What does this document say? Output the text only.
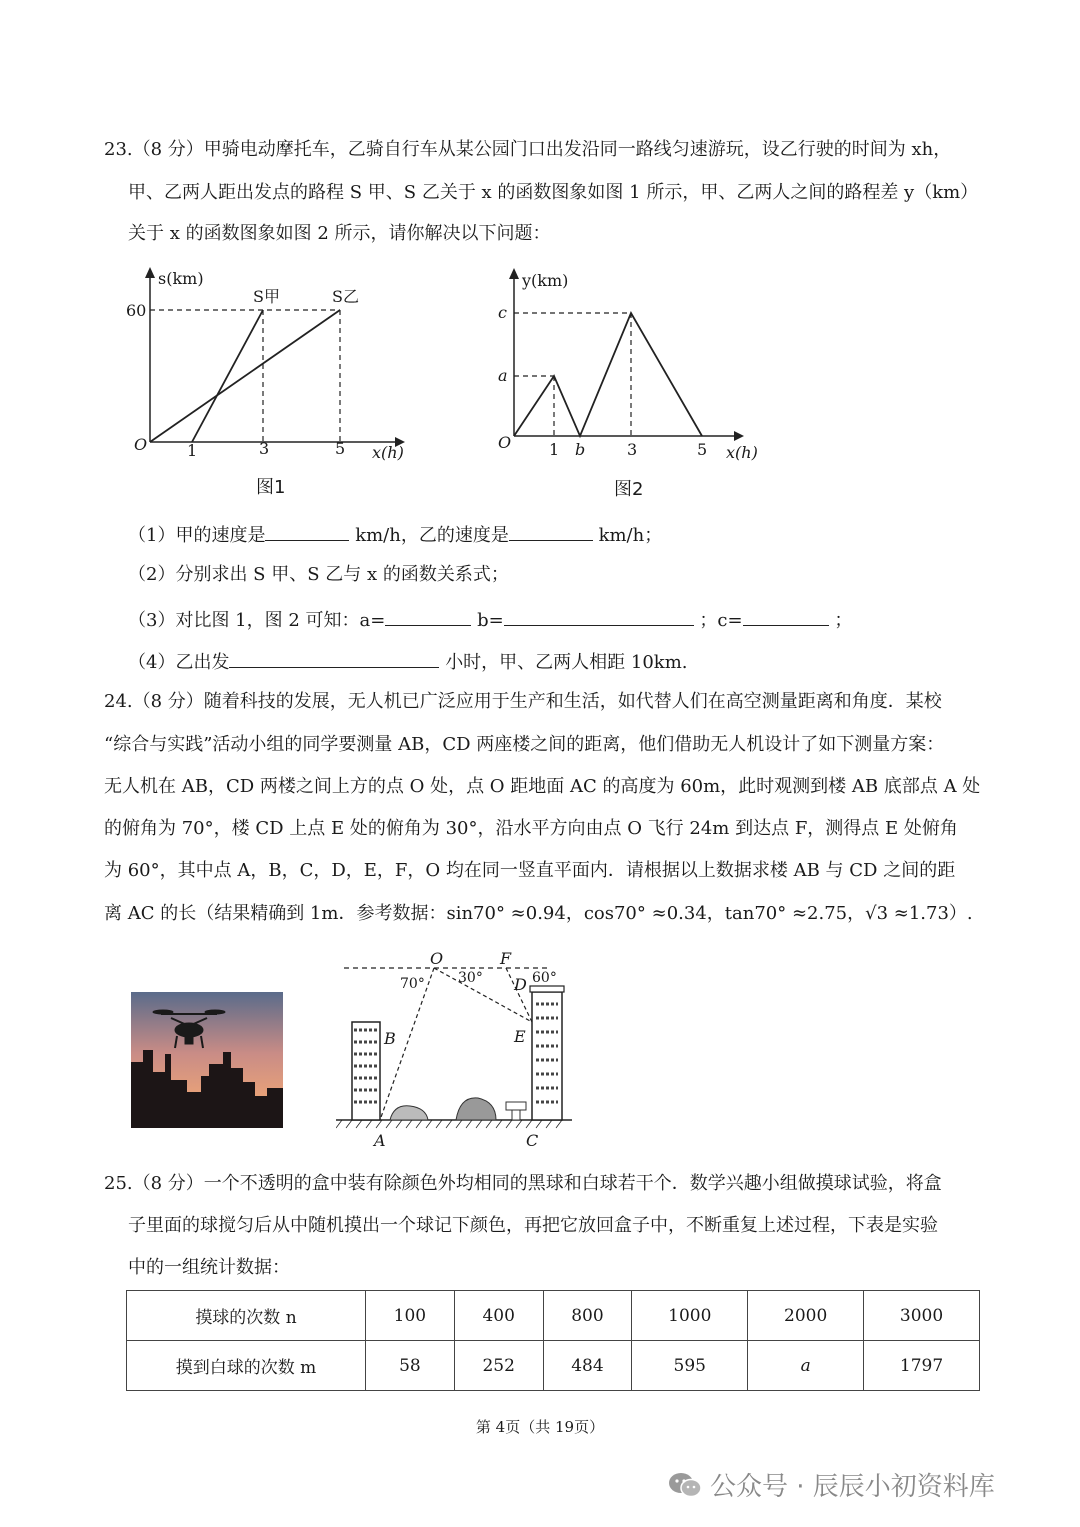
23.（8 分）甲骑电动摩托车，乙骑自行车从某公园门口出发沿同一路线匀速游玩，设乙行驶的时间为 xh，
甲、乙两人距出发点的路程 S 甲、S 乙关于 x 的函数图象如图 1 所示，甲、乙两人之间的路程差 y（km）
关于 x 的函数图象如图 2 所示，请你解决以下问题：
s(km)
60
O 1	3	5 x(h)
S甲	S乙
图1
y(km)
c
a
O 1 b	3	5 x(h)
图2
（1）甲的速度是	km/h，乙的速度是	km/h；
（2）分别求出 S 甲、S 乙与 x 的函数关系式；
（3）对比图 1，图 2 可知：a=	b=	；c=	；
（4）乙出发	小时，甲、乙两人相距 10km.
24.（8 分）随着科技的发展，无人机已广泛应用于生产和生活，如代替人们在高空测量距离和角度．某校
“综合与实践”活动小组的同学要测量 AB，CD 两座楼之间的距离，他们借助无人机设计了如下测量方案：
无人机在 AB，CD 两楼之间上方的点 O 处，点 O 距地面 AC 的高度为 60m，此时观测到楼 AB 底部点 A 处
的俯角为 70°，楼 CD 上点 E 处的俯角为 30°，沿水平方向由点 O 飞行 24m 到达点 F，测得点 E 处俯角
为 60°，其中点 A，B，C，D，E，F，O 均在同一竖直平面内．请根据以上数据求楼 AB 与 CD 之间的距
离 AC 的长（结果精确到 1m．参考数据：sin70° ≈0.94，cos70° ≈0.34，tan70° ≈2.75，√3 ≈1.73）.
O	F
70° 30°	60°
D
E
B
A	C
25.（8 分）一个不透明的盒中装有除颜色外均相同的黑球和白球若干个．数学兴趣小组做摸球试验，将盒
子里面的球搅匀后从中随机摸出一个球记下颜色，再把它放回盒子中，不断重复上述过程，下表是实验
中的一组统计数据：
摸球的次数 n	100	400	800	1000	2000	3000
摸到白球的次数 m	58	252	484	595	a	1797
第 4页（共 19页）
公众号 · 辰辰小初资料库
